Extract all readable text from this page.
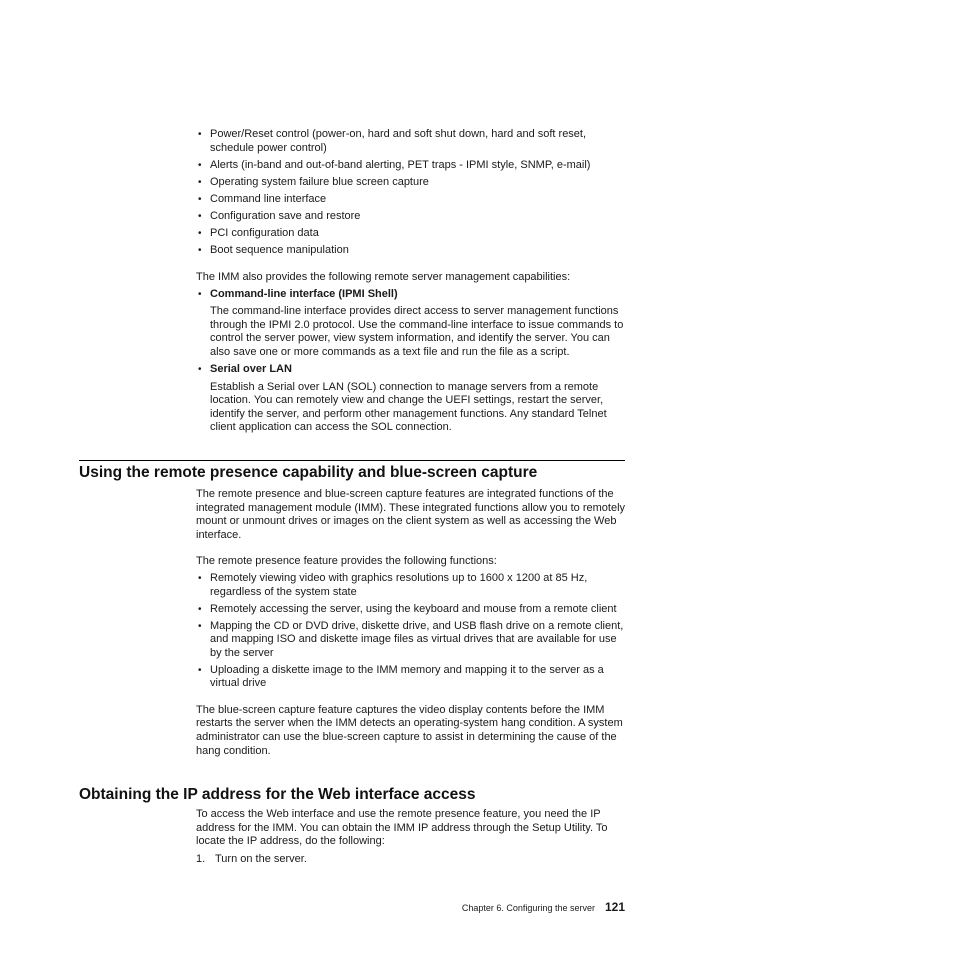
• Power/Reset control (power-on, hard and soft shut down, hard and soft reset, schedule power control)
• Alerts (in-band and out-of-band alerting, PET traps - IPMI style, SNMP, e-mail)
• Operating system failure blue screen capture
• Command line interface
• Configuration save and restore
• PCI configuration data
• Boot sequence manipulation

The IMM also provides the following remote server management capabilities:

• Command-line interface (IPMI Shell)
The command-line interface provides direct access to server management functions through the IPMI 2.0 protocol. Use the command-line interface to issue commands to control the server power, view system information, and identify the server. You can also save one or more commands as a text file and run the file as a script.
• Serial over LAN
Establish a Serial over LAN (SOL) connection to manage servers from a remote location. You can remotely view and change the UEFI settings, restart the server, identify the server, and perform other management functions. Any standard Telnet client application can access the SOL connection.
Using the remote presence capability and blue-screen capture

The remote presence and blue-screen capture features are integrated functions of the integrated management module (IMM). These integrated functions allow you to remotely mount or unmount drives or images on the client system as well as accessing the Web interface.

The remote presence feature provides the following functions:

• Remotely viewing video with graphics resolutions up to 1600 x 1200 at 85 Hz, regardless of the system state
• Remotely accessing the server, using the keyboard and mouse from a remote client
• Mapping the CD or DVD drive, diskette drive, and USB flash drive on a remote client, and mapping ISO and diskette image files as virtual drives that are available for use by the server
• Uploading a diskette image to the IMM memory and mapping it to the server as a virtual drive

The blue-screen capture feature captures the video display contents before the IMM restarts the server when the IMM detects an operating-system hang condition. A system administrator can use the blue-screen capture to assist in determining the cause of the hang condition.

Obtaining the IP address for the Web interface access

To access the Web interface and use the remote presence feature, you need the IP address for the IMM. You can obtain the IMM IP address through the Setup Utility. To locate the IP address, do the following:

1. Turn on the server.
Chapter 6. Configuring the server 121
